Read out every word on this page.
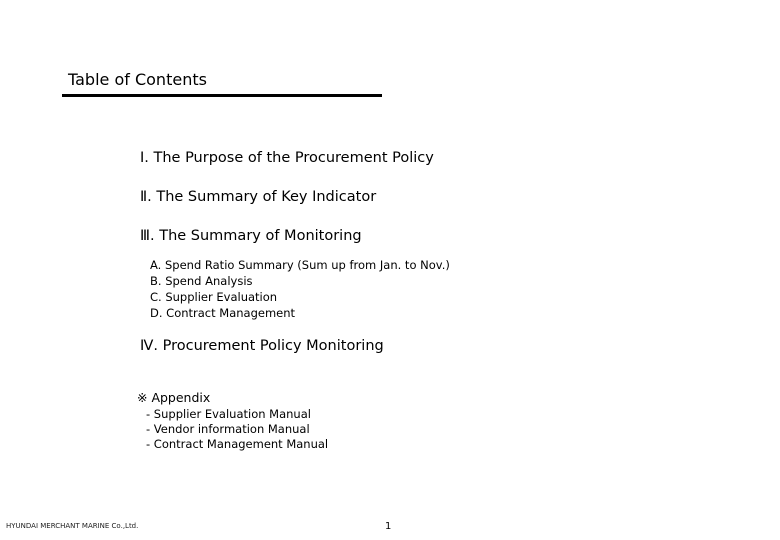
Table of Contents
Ⅰ. The Purpose of the Procurement Policy
Ⅱ. The Summary of Key Indicator
Ⅲ. The Summary of Monitoring
A. Spend Ratio Summary (Sum up from Jan. to Nov.)
B. Spend Analysis
C. Supplier Evaluation
D. Contract Management
Ⅳ. Procurement Policy Monitoring
※ Appendix
- Supplier Evaluation Manual
- Vendor information Manual
- Contract Management Manual
HYUNDAI MERCHANT MARINE Co.,Ltd.	1
